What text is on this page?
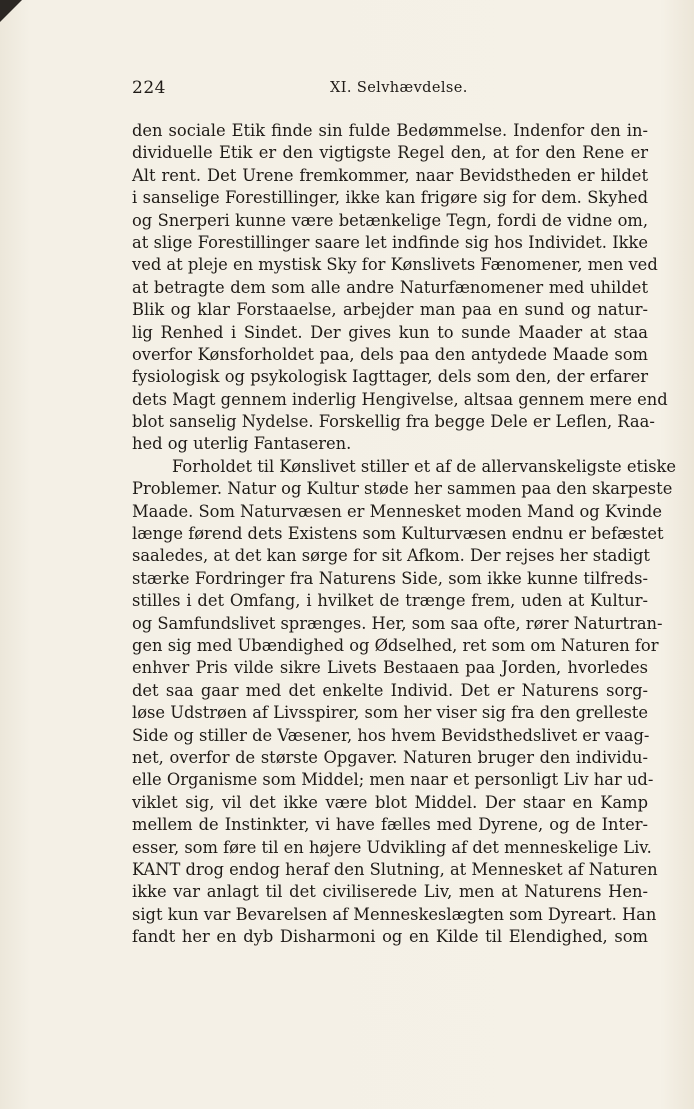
224	XI. Selvhævdelse.
den sociale Etik finde sin fulde Bedømmelse. Indenfor den in-
dividuelle Etik er den vigtigste Regel den, at for den Rene er
Alt rent. Det Urene fremkommer, naar Bevidstheden er hildet
i sanselige Forestillinger, ikke kan frigøre sig for dem. Skyhed
og Snerperi kunne være betænkelige Tegn, fordi de vidne om,
at slige Forestillinger saare let indfinde sig hos Individet. Ikke
ved at pleje en mystisk Sky for Kønslivets Fænomener, men ved
at betragte dem som alle andre Naturfænomener med uhildet
Blik og klar Forstaaelse, arbejder man paa en sund og natur-
lig Renhed i Sindet. Der gives kun to sunde Maader at staa
overfor Kønsforholdet paa, dels paa den antydede Maade som
fysiologisk og psykologisk Iagttager, dels som den, der erfarer
dets Magt gennem inderlig Hengivelse, altsaa gennem mere end
blot sanselig Nydelse. Forskellig fra begge Dele er Leflen, Raa-
hed og uterlig Fantaseren.
Forholdet til Kønslivet stiller et af de allervanskeligste etiske
Problemer. Natur og Kultur støde her sammen paa den skarpeste
Maade. Som Naturvæsen er Mennesket moden Mand og Kvinde
længe førend dets Existens som Kulturvæsen endnu er befæstet
saaledes, at det kan sørge for sit Afkom. Der rejses her stadigt
stærke Fordringer fra Naturens Side, som ikke kunne tilfreds-
stilles i det Omfang, i hvilket de trænge frem, uden at Kultur-
og Samfundslivet sprænges. Her, som saa ofte, rører Naturtran-
gen sig med Ubændighed og Ødselhed, ret som om Naturen for
enhver Pris vilde sikre Livets Bestaaen paa Jorden, hvorledes
det saa gaar med det enkelte Individ. Det er Naturens sorg-
løse Udstrøen af Livsspirer, som her viser sig fra den grelleste
Side og stiller de Væsener, hos hvem Bevidsthedslivet er vaag-
net, overfor de største Opgaver. Naturen bruger den individu-
elle Organisme som Middel; men naar et personligt Liv har ud-
viklet sig, vil det ikke være blot Middel. Der staar en Kamp
mellem de Instinkter, vi have fælles med Dyrene, og de Inter-
esser, som føre til en højere Udvikling af det menneskelige Liv.
KANT drog endog heraf den Slutning, at Mennesket af Naturen
ikke var anlagt til det civiliserede Liv, men at Naturens Hen-
sigt kun var Bevarelsen af Menneskeslægten som Dyreart. Han
fandt her en dyb Disharmoni og en Kilde til Elendighed, som
